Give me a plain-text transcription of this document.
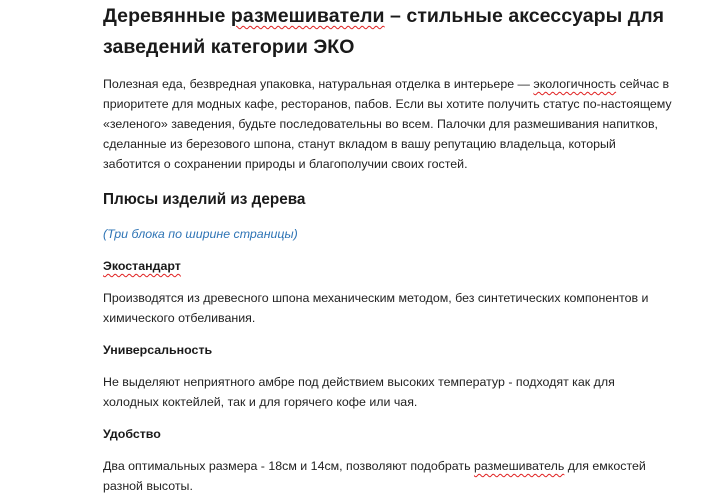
Деревянные размешиватели – стильные аксессуары для заведений категории ЭКО

Полезная еда, безвредная упаковка, натуральная отделка в интерьере — экологичность сейчас в приоритете для модных кафе, ресторанов, пабов. Если вы хотите получить статус по-настоящему «зеленого» заведения, будьте последовательны во всем. Палочки для размешивания напитков, сделанные из березового шпона, станут вкладом в вашу репутацию владельца, который заботится о сохранении природы и благополучии своих гостей.

Плюсы изделий из дерева

(Три блока по ширине страницы)

Экостандарт

Производятся из древесного шпона механическим методом, без синтетических компонентов и химического отбеливания.

Универсальность

Не выделяют неприятного амбре под действием высоких температур - подходят как для холодных коктейлей, так и для горячего кофе или чая.

Удобство

Два оптимальных размера - 18см и 14см, позволяют подобрать размешиватель для емкостей разной высоты.
